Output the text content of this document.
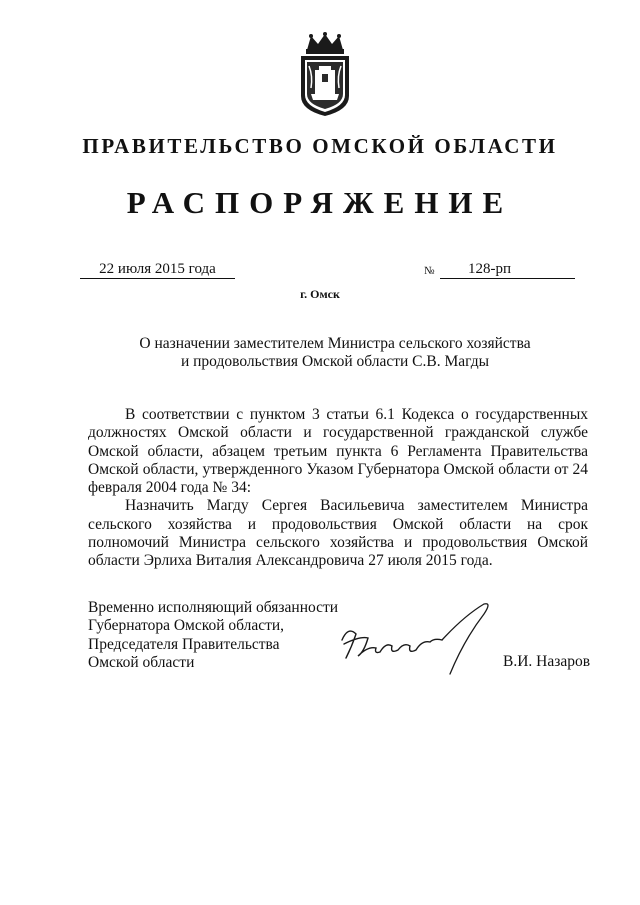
ПРАВИТЕЛЬСТВО ОМСКОЙ ОБЛАСТИ
РАСПОРЯЖЕНИЕ
22 июля 2015 года	№	128-рп
г. Омск
О назначении заместителем Министра сельского хозяйства
и продовольствия Омской области С.В. Магды

В соответствии с пунктом 3 статьи 6.1 Кодекса о государственных должностях Омской области и государственной гражданской службе Омской области, абзацем третьим пункта 6 Регламента Правительства Омской области, утвержденного Указом Губернатора Омской области от 24 февраля 2004 года № 34:

Назначить Магду Сергея Васильевича заместителем Министра сельского хозяйства и продовольствия Омской области на срок полномочий Министра сельского хозяйства и продовольствия Омской области Эрлиха Виталия Александровича 27 июля 2015 года.

Временно исполняющий обязанности
Губернатора Омской области,
Председателя Правительства
Омской области	В.И. Назаров
